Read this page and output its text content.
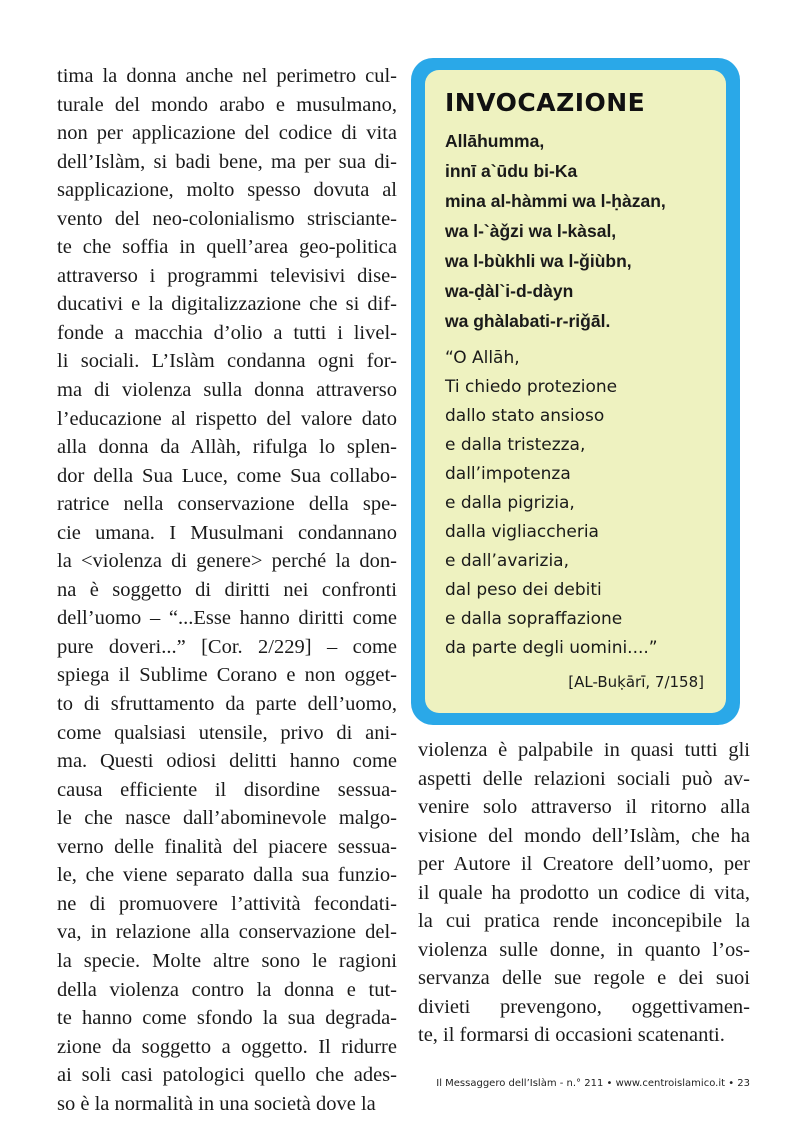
tima la donna anche nel perimetro cul-
turale del mondo arabo e musulmano,
non per applicazione del codice di vita
dell’Islàm, si badi bene, ma per sua di-
sapplicazione, molto spesso dovuta al
vento del neo-colonialismo strisciante-
te che soffia in quell’area geo-politica
attraverso i programmi televisivi dise-
ducativi e la digitalizzazione che si dif-
fonde a macchia d’olio a tutti i livel-
li sociali. L’Islàm condanna ogni for-
ma di violenza sulla donna attraverso
l’educazione al rispetto del valore dato
alla donna da Allàh, rifulga lo splen-
dor della Sua Luce, come Sua collabo-
ratrice nella conservazione della spe-
cie umana. I Musulmani condannano
la <violenza di genere> perché la don-
na è soggetto di diritti nei confronti
dell’uomo – “...Esse hanno diritti come
pure doveri...” [Cor. 2/229] – come
spiega il Sublime Corano e non ogget-
to di sfruttamento da parte dell’uomo,
come qualsiasi utensile, privo di ani-
ma. Questi odiosi delitti hanno come
causa efficiente il disordine sessua-
le che nasce dall’abominevole malgo-
verno delle finalità del piacere sessua-
le, che viene separato dalla sua funzio-
ne di promuovere l’attività fecondati-
va, in relazione alla conservazione del-
la specie. Molte altre sono le ragioni
della violenza contro la donna e tut-
te hanno come sfondo la sua degrada-
zione da soggetto a oggetto. Il ridurre
ai soli casi patologici quello che ades-
so è la normalità in una società dove la
INVOCAZIONE
Allāhumma,
innī a`ūdu bi-Ka
mina al-hàmmi wa l-ḥàzan,
wa l-`àǧzi wa l-kàsal,
wa l-bùkhli wa l-ǧiùbn,
wa-ḍàl`i-d-dàyn
wa ghàlabati-r-riǧāl.
“O Allāh,
Ti chiedo protezione
dallo stato ansioso
e dalla tristezza,
dall’impotenza
e dalla pigrizia,
dalla vigliaccheria
e dall’avarizia,
dal peso dei debiti
e dalla sopraffazione
da parte degli uomini....”
[AL-Buḳārī, 7/158]
violenza è palpabile in quasi tutti gli
aspetti delle relazioni sociali può av-
venire solo attraverso il ritorno alla
visione del mondo dell’Islàm, che ha
per Autore il Creatore dell’uomo, per
il quale ha prodotto un codice di vita,
la cui pratica rende inconcepibile la
violenza sulle donne, in quanto l’os-
servanza delle sue regole e dei suoi
divieti prevengono, oggettivamen-
te, il formarsi di occasioni scatenanti.
Il Messaggero dell’Islàm - n.° 211 • www.centroislamico.it • 23
